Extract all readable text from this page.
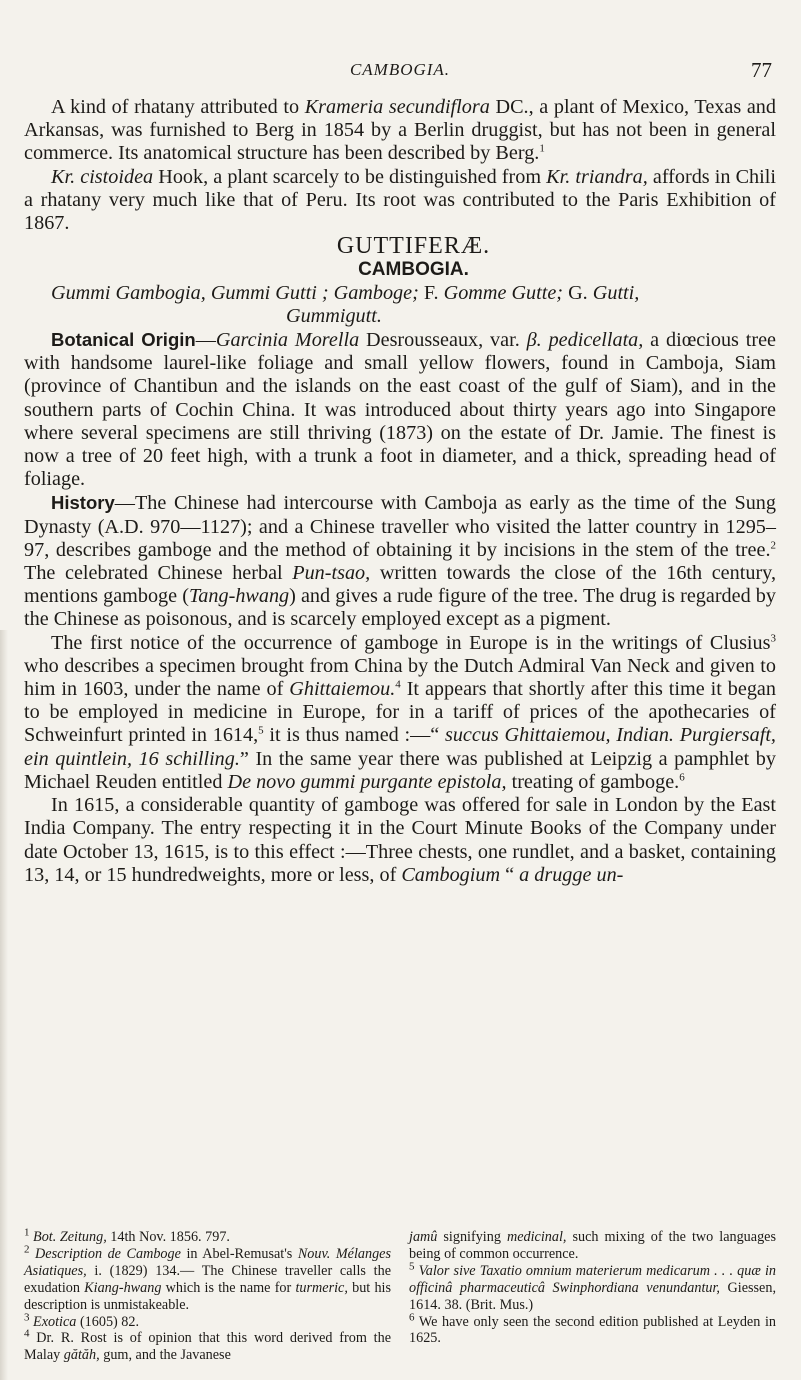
CAMBOGIA.	77

A kind of rhatany attributed to Krameria secundiflora DC., a plant of Mexico, Texas and Arkansas, was furnished to Berg in 1854 by a Berlin druggist, but has not been in general commerce. Its anatomical structure has been described by Berg.$^1$

Kr. cistoidea Hook, a plant scarcely to be distinguished from Kr. triandra, affords in Chili a rhatany very much like that of Peru. Its root was contributed to the Paris Exhibition of 1867.

GUTTIFERÆ.

CAMBOGIA.

Gummi Gambogia, Gummi Gutti ; Gamboge; F. Gomme Gutte; G. Gutti,
Gummigutt.

Botanical Origin—Garcinia Morella Desrousseaux, var. β. pedicellata, a diœcious tree with handsome laurel-like foliage and small yellow flowers, found in Camboja, Siam (province of Chantibun and the islands on the east coast of the gulf of Siam), and in the southern parts of Cochin China. It was introduced about thirty years ago into Singapore where several specimens are still thriving (1873) on the estate of Dr. Jamie. The finest is now a tree of 20 feet high, with a trunk a foot in diameter, and a thick, spreading head of foliage.

History—The Chinese had intercourse with Camboja as early as the time of the Sung Dynasty (A.D. 970—1127); and a Chinese traveller who visited the latter country in 1295–97, describes gamboge and the method of obtaining it by incisions in the stem of the tree.$^2$ The celebrated Chinese herbal Pun-tsao, written towards the close of the 16th century, mentions gamboge (Tang-hwang) and gives a rude figure of the tree. The drug is regarded by the Chinese as poisonous, and is scarcely employed except as a pigment.

The first notice of the occurrence of gamboge in Europe is in the writings of Clusius$^3$ who describes a specimen brought from China by the Dutch Admiral Van Neck and given to him in 1603, under the name of Ghittaiemou.$^4$ It appears that shortly after this time it began to be employed in medicine in Europe, for in a tariff of prices of the apothecaries of Schweinfurt printed in 1614,$^5$ it is thus named :—“ succus Ghittaiemou, Indian. Purgiersaft, ein quintlein, 16 schilling.” In the same year there was published at Leipzig a pamphlet by Michael Reuden entitled De novo gummi purgante epistola, treating of gamboge.$^6$

In 1615, a considerable quantity of gamboge was offered for sale in London by the East India Company. The entry respecting it in the Court Minute Books of the Company under date October 13, 1615, is to this effect :—Three chests, one rundlet, and a basket, containing 13, 14, or 15 hundredweights, more or less, of Cambogium “ a drugge un-

$^1$ Bot. Zeitung, 14th Nov. 1856. 797.
$^2$ Description de Camboge in Abel-Remusat's Nouv. Mélanges Asiatiques, i. (1829) 134.— The Chinese traveller calls the exudation Kiang-hwang which is the name for turmeric, but his description is unmistakeable.
$^3$ Exotica (1605) 82.
$^4$ Dr. R. Rost is of opinion that this word derived from the Malay gătăh, gum, and the Javanese
jamû signifying medicinal, such mixing of the two languages being of common occurrence.
$^5$ Valor sive Taxatio omnium materierum medicarum . . . quæ in officinâ pharmaceuticâ Swinphordiana venundantur, Giessen, 1614. 38. (Brit. Mus.)
$^6$ We have only seen the second edition published at Leyden in 1625.
